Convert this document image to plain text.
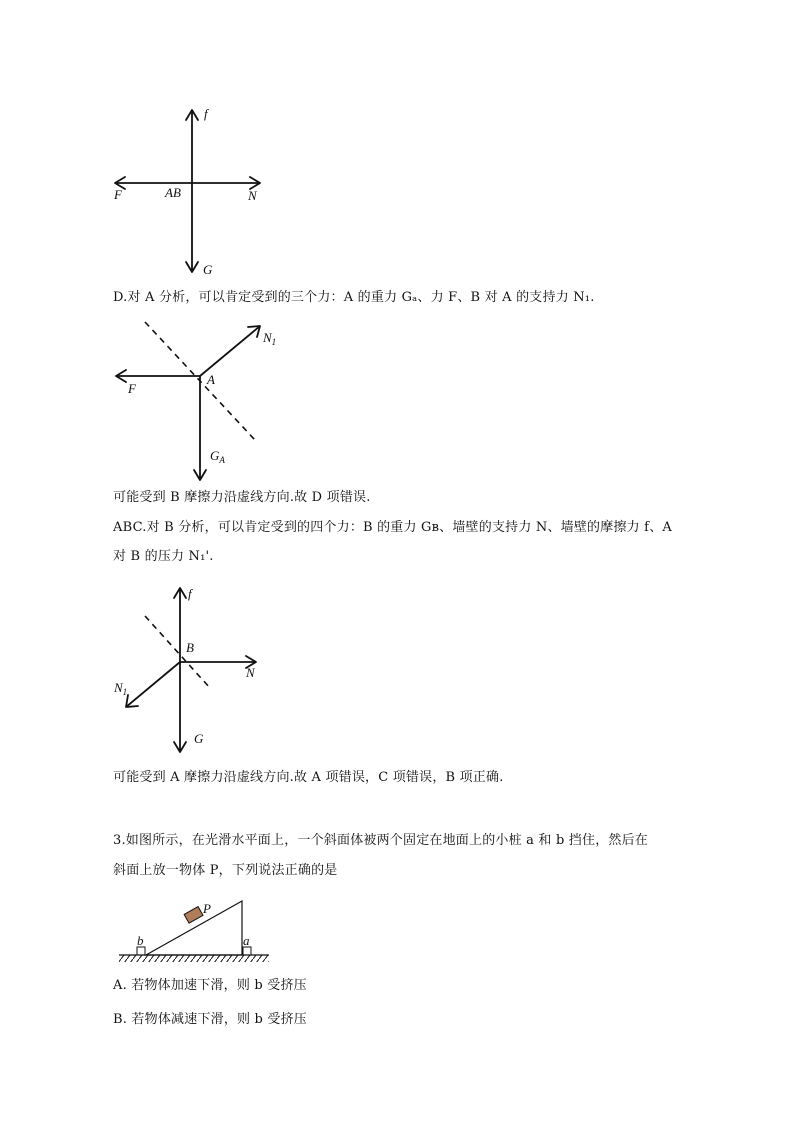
f
F	AB	N
G
D.对 A 分析，可以肯定受到的三个力：A 的重力 Gₐ、力 F、B 对 A 的支持力 N₁.
$N_1$
F
A
$G_A$
可能受到 B 摩擦力沿虚线方向.故 D 项错误.
ABC.对 B 分析，可以肯定受到的四个力：B 的重力 Gʙ、墙壁的支持力 N、墙壁的摩擦力 f、A
对 B 的压力 N₁'.
f
B
N
$N_1$
G
可能受到 A 摩擦力沿虚线方向.故 A 项错误，C 项错误，B 项正确.
3.如图所示，在光滑水平面上，一个斜面体被两个固定在地面上的小桩 a 和 b 挡住，然后在
斜面上放一物体 P，下列说法正确的是
P
b	a
A. 若物体加速下滑，则 b 受挤压
B. 若物体减速下滑，则 b 受挤压
